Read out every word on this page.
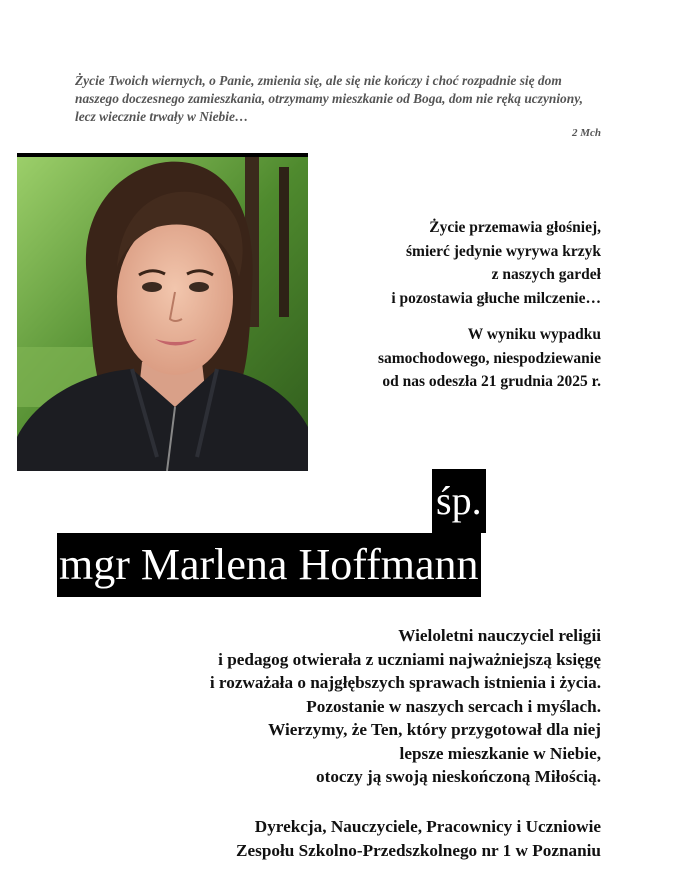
Życie Twoich wiernych, o Panie, zmienia się, ale się nie kończy i choć rozpadnie się dom naszego doczesnego zamieszkania, otrzymamy mieszkanie od Boga, dom nie ręką uczyniony, lecz wiecznie trwały w Niebie…
2 Mch

Życie przemawia głośniej,
śmierć jedynie wyrywa krzyk
z naszych gardeł
i pozostawia głuche milczenie…

W wyniku wypadku
samochodowego, niespodziewanie
od nas odeszła 21 grudnia 2025 r.

śp.
mgr Marlena Hoffmann
Wieloletni nauczyciel religii
i pedagog otwierała z uczniami najważniejszą księgę
i rozważała o najgłębszych sprawach istnienia i życia.
Pozostanie w naszych sercach i myślach.
Wierzymy, że Ten, który przygotował dla niej
lepsze mieszkanie w Niebie,
otoczy ją swoją nieskończoną Miłością.
Dyrekcja, Nauczyciele, Pracownicy i Uczniowie
Zespołu Szkolno-Przedszkolnego nr 1 w Poznaniu
